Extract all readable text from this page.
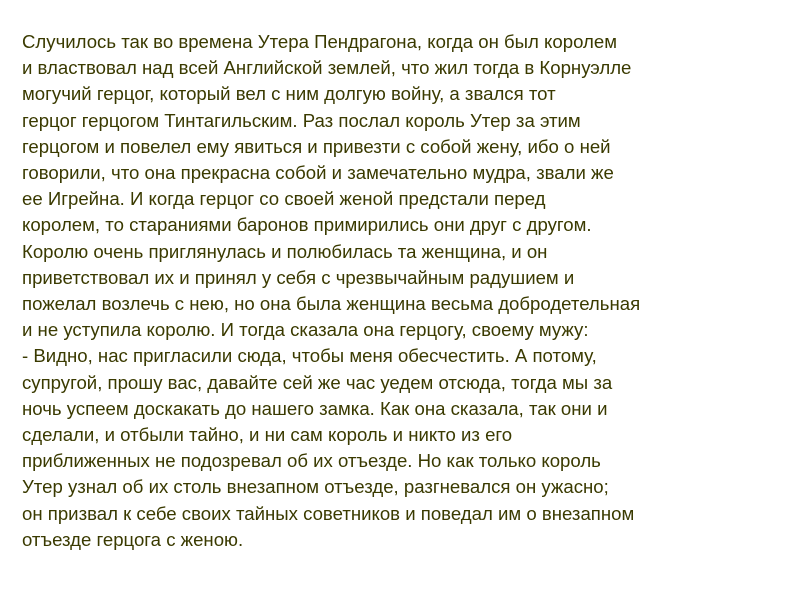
Случилось так во времена Утера Пендрагона, когда он был королем
и властвовал над всей Английской землей, что жил тогда в Корнуэлле
могучий герцог, который вел с ним долгую войну, а звался тот
герцог герцогом Тинтагильским. Раз послал король Утер за этим
герцогом и повелел ему явиться и привезти с собой жену, ибо о ней
говорили, что она прекрасна собой и замечательно мудра, звали же
ее Игрейна. И когда герцог со своей женой предстали перед
королем, то стараниями баронов примирились они друг с другом.
Королю очень приглянулась и полюбилась та женщина, и он
приветствовал их и принял у себя с чрезвычайным радушием и
пожелал возлечь с нею, но она была женщина весьма добродетельная
и не уступила королю. И тогда сказала она герцогу, своему мужу:
- Видно, нас пригласили сюда, чтобы меня обесчестить. А потому,
супругой, прошу вас, давайте сей же час уедем отсюда, тогда мы за
ночь успеем доскакать до нашего замка. Как она сказала, так они и
сделали, и отбыли тайно, и ни сам король и никто из его
приближенных не подозревал об их отъезде. Но как только король
Утер узнал об их столь внезапном отъезде, разгневался он ужасно;
он призвал к себе своих тайных советников и поведал им о внезапном
отъезде герцога с женою.
